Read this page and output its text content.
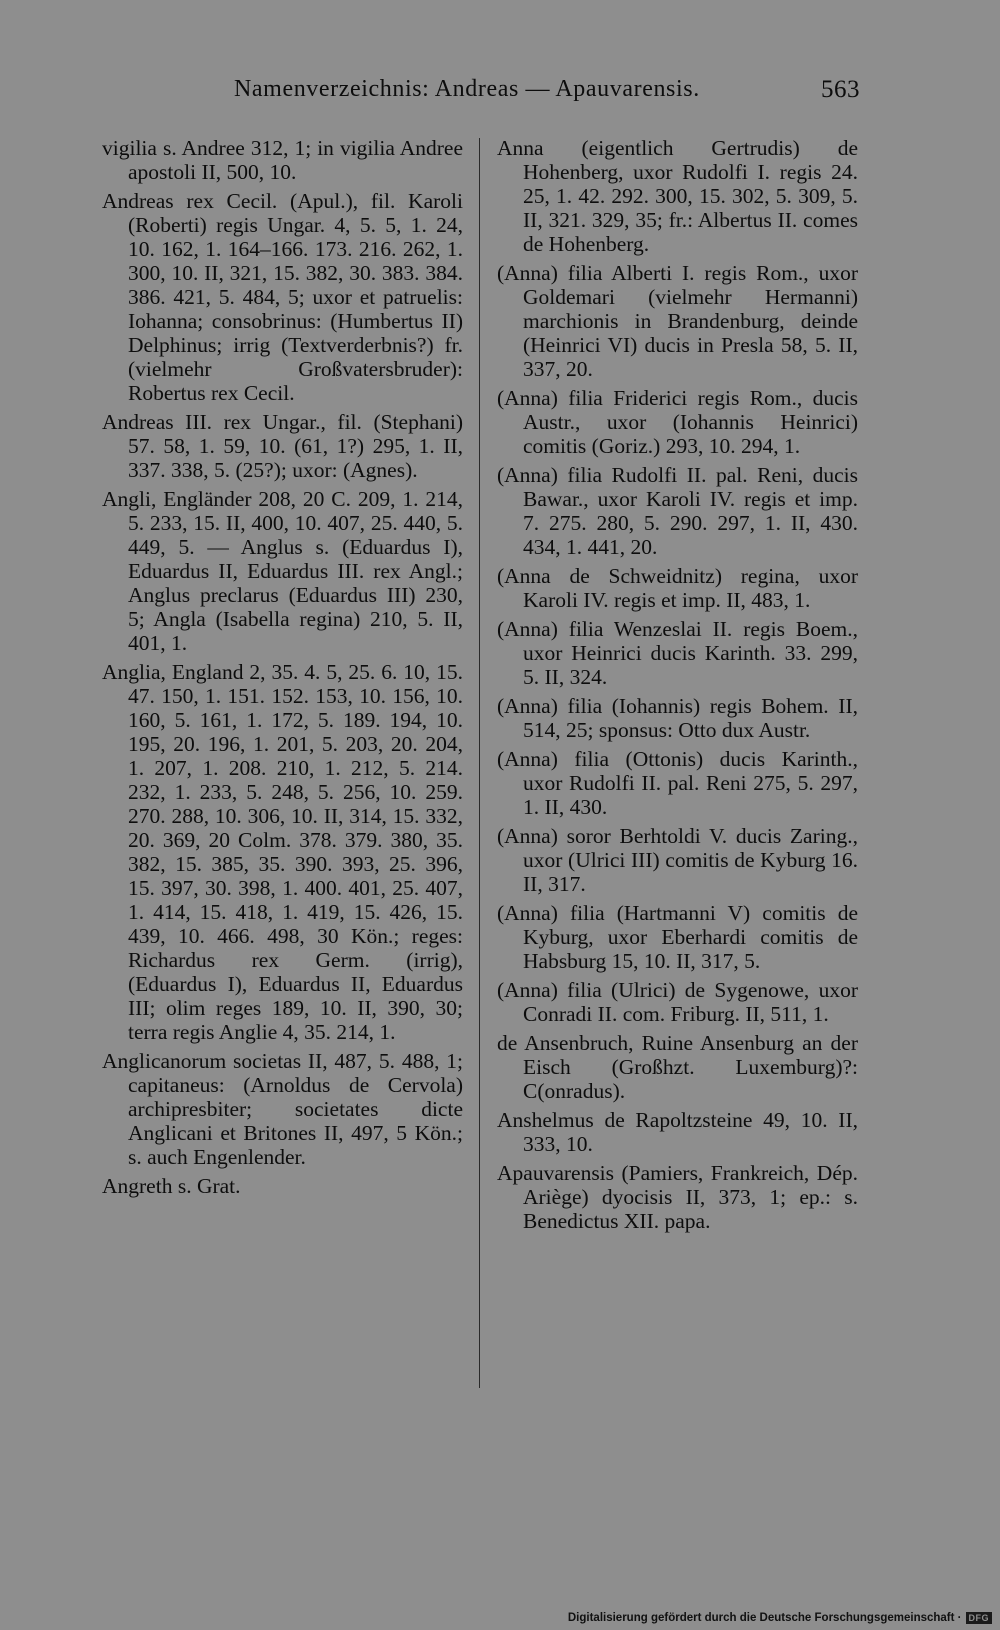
Namenverzeichnis: Andreas — Apauvarensis.	563

vigilia s. Andree 312, 1; in vigilia Andree apostoli II, 500, 10.

Andreas rex Cecil. (Apul.), fil. Karoli (Roberti) regis Ungar. 4, 5. 5, 1. 24, 10. 162, 1. 164–166. 173. 216. 262, 1. 300, 10. II, 321, 15. 382, 30. 383. 384. 386. 421, 5. 484, 5; uxor et patruelis: Iohanna; consobrinus: (Humbertus II) Delphinus; irrig (Textverderbnis?) fr. (vielmehr Großvatersbruder): Robertus rex Cecil.

Andreas III. rex Ungar., fil. (Stephani) 57. 58, 1. 59, 10. (61, 1?) 295, 1. II, 337. 338, 5. (25?); uxor: (Agnes).

Angli, Engländer 208, 20 C. 209, 1. 214, 5. 233, 15. II, 400, 10. 407, 25. 440, 5. 449, 5. — Anglus s. (Eduardus I), Eduardus II, Eduardus III. rex Angl.; Anglus preclarus (Eduardus III) 230, 5; Angla (Isabella regina) 210, 5. II, 401, 1.

Anglia, England 2, 35. 4. 5, 25. 6. 10, 15. 47. 150, 1. 151. 152. 153, 10. 156, 10. 160, 5. 161, 1. 172, 5. 189. 194, 10. 195, 20. 196, 1. 201, 5. 203, 20. 204, 1. 207, 1. 208. 210, 1. 212, 5. 214. 232, 1. 233, 5. 248, 5. 256, 10. 259. 270. 288, 10. 306, 10. II, 314, 15. 332, 20. 369, 20 Colm. 378. 379. 380, 35. 382, 15. 385, 35. 390. 393, 25. 396, 15. 397, 30. 398, 1. 400. 401, 25. 407, 1. 414, 15. 418, 1. 419, 15. 426, 15. 439, 10. 466. 498, 30 Kön.; reges: Richardus rex Germ. (irrig), (Eduardus I), Eduardus II, Eduardus III; olim reges 189, 10. II, 390, 30; terra regis Anglie 4, 35. 214, 1.

Anglicanorum societas II, 487, 5. 488, 1; capitaneus: (Arnoldus de Cervola) archipresbiter; societates dicte Anglicani et Britones II, 497, 5 Kön.; s. auch Engenlender.

Angreth s. Grat.

Anna (eigentlich Gertrudis) de Hohenberg, uxor Rudolfi I. regis 24. 25, 1. 42. 292. 300, 15. 302, 5. 309, 5. II, 321. 329, 35; fr.: Albertus II. comes de Hohenberg.

(Anna) filia Alberti I. regis Rom., uxor Goldemari (vielmehr Hermanni) marchionis in Brandenburg, deinde (Heinrici VI) ducis in Presla 58, 5. II, 337, 20.

(Anna) filia Friderici regis Rom., ducis Austr., uxor (Iohannis Heinrici) comitis (Goriz.) 293, 10. 294, 1.

(Anna) filia Rudolfi II. pal. Reni, ducis Bawar., uxor Karoli IV. regis et imp. 7. 275. 280, 5. 290. 297, 1. II, 430. 434, 1. 441, 20.

(Anna de Schweidnitz) regina, uxor Karoli IV. regis et imp. II, 483, 1.

(Anna) filia Wenzeslai II. regis Boem., uxor Heinrici ducis Karinth. 33. 299, 5. II, 324.

(Anna) filia (Iohannis) regis Bohem. II, 514, 25; sponsus: Otto dux Austr.

(Anna) filia (Ottonis) ducis Karinth., uxor Rudolfi II. pal. Reni 275, 5. 297, 1. II, 430.

(Anna) soror Berhtoldi V. ducis Zaring., uxor (Ulrici III) comitis de Kyburg 16. II, 317.

(Anna) filia (Hartmanni V) comitis de Kyburg, uxor Eberhardi comitis de Habsburg 15, 10. II, 317, 5.

(Anna) filia (Ulrici) de Sygenowe, uxor Conradi II. com. Friburg. II, 511, 1.

de Ansenbruch, Ruine Ansenburg an der Eisch (Großhzt. Luxemburg)?: C(onradus).

Anshelmus de Rapoltzsteine 49, 10. II, 333, 10.

Apauvarensis (Pamiers, Frankreich, Dép. Ariège) dyocisis II, 373, 1; ep.: s. Benedictus XII. papa.

Digitalisierung gefördert durch die Deutsche Forschungsgemeinschaft · DFG
